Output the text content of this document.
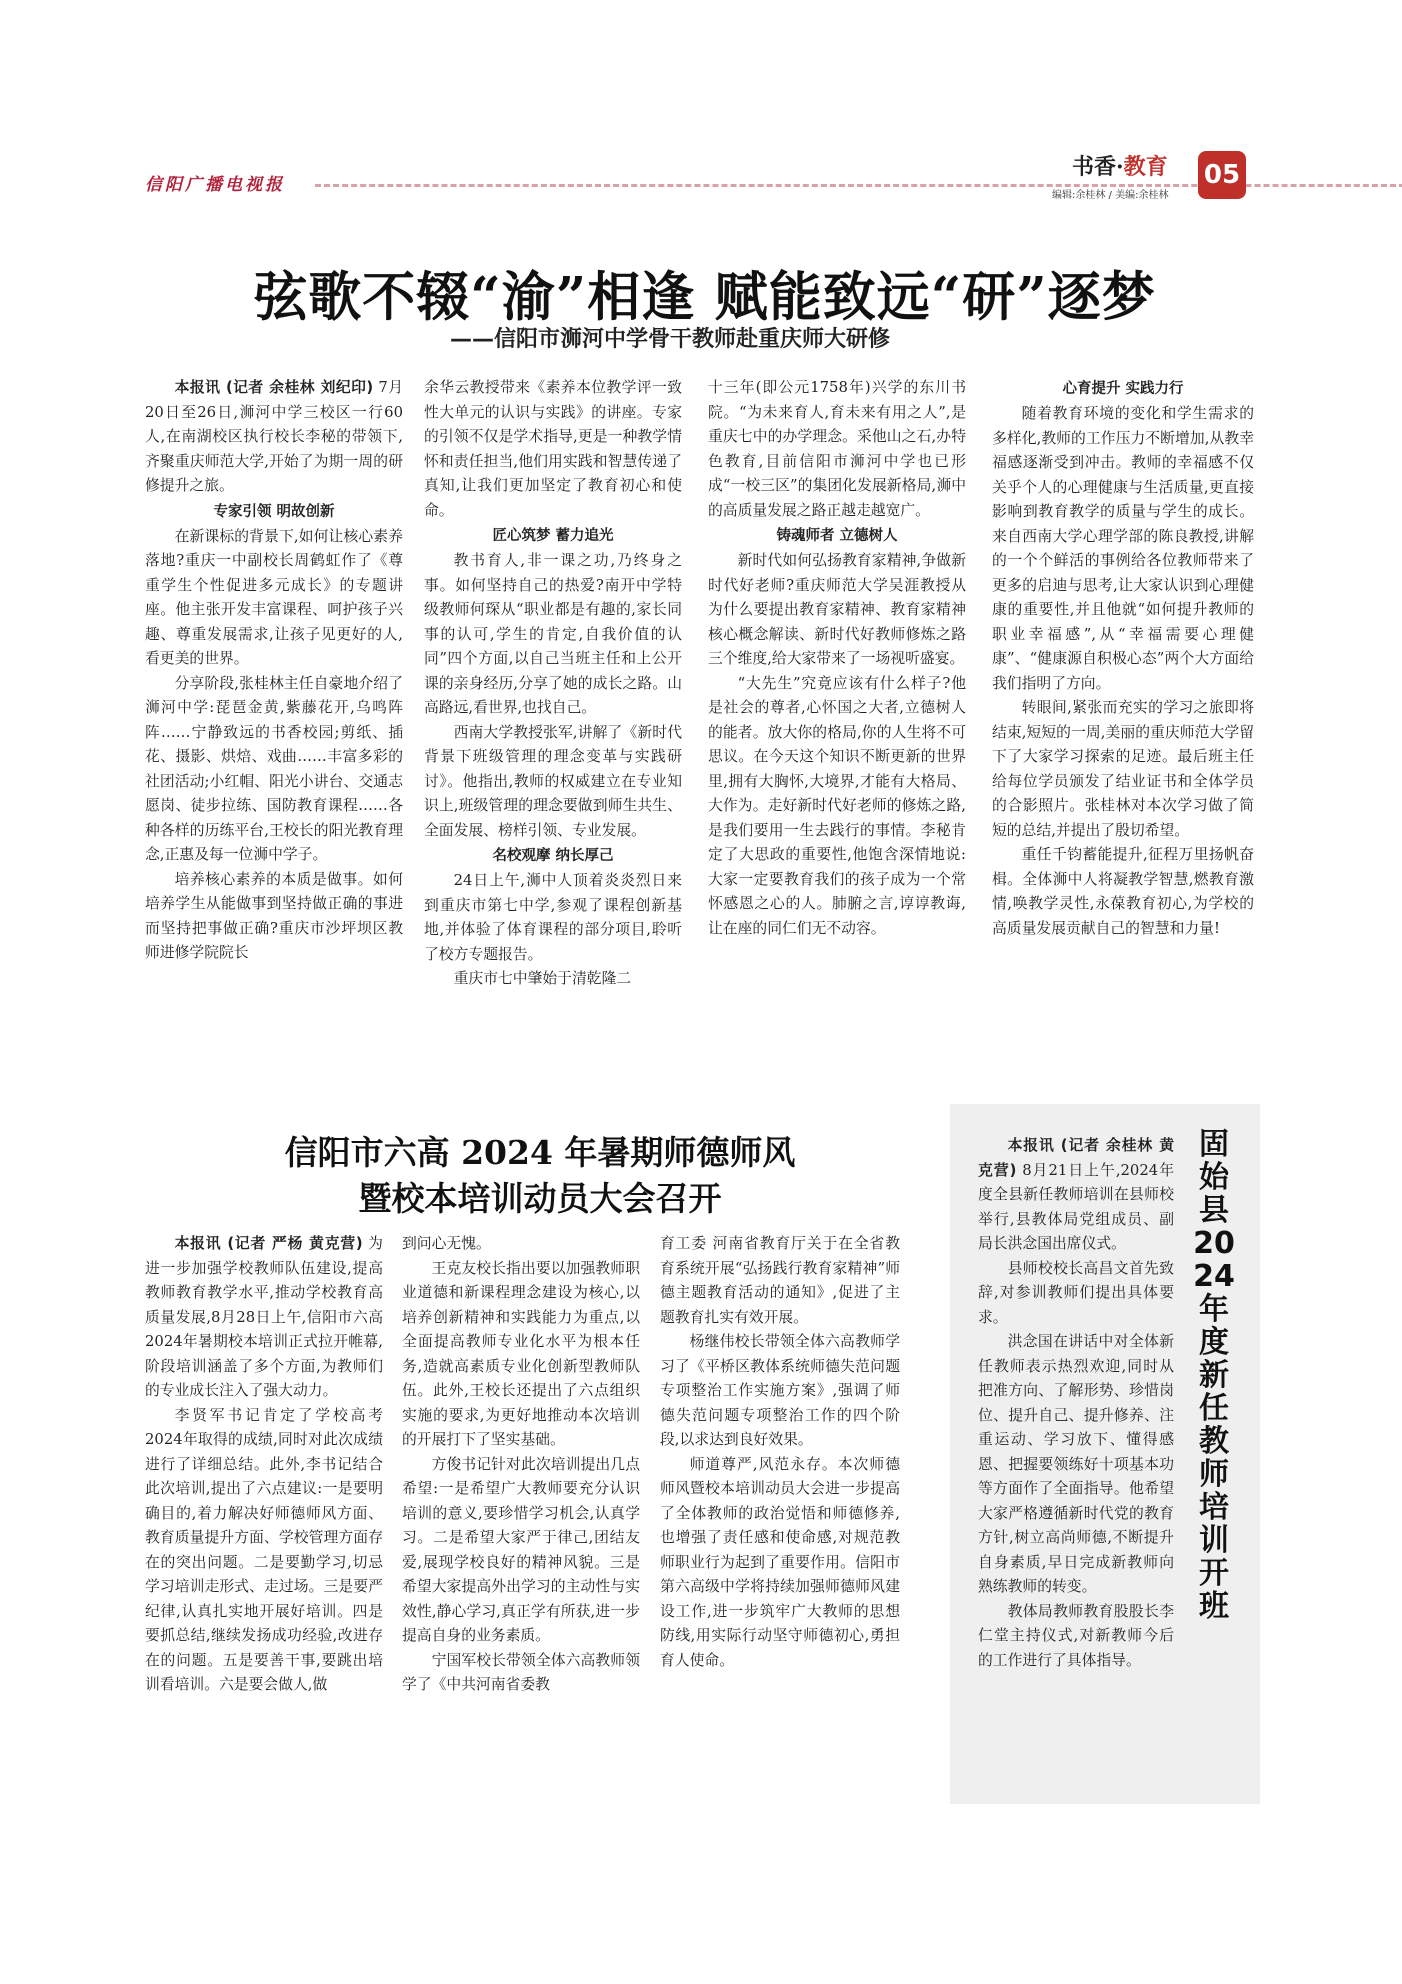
信阳广播电视报
书香·教育
编辑:余桂林 / 美编:余桂林
05
弦歌不辍“渝”相逢 赋能致远“研”逐梦
——信阳市浉河中学骨干教师赴重庆师大研修

本报讯 (记者 余桂林 刘纪印) 7月20日至26日,浉河中学三校区一行60人,在南湖校区执行校长李秘的带领下,齐聚重庆师范大学,开始了为期一周的研修提升之旅。

专家引领 明故创新

在新课标的背景下,如何让核心素养落地?重庆一中副校长周鹤虹作了《尊重学生个性促进多元成长》的专题讲座。他主张开发丰富课程、呵护孩子兴趣、尊重发展需求,让孩子见更好的人,看更美的世界。

分享阶段,张桂林主任自豪地介绍了浉河中学:琵琶金黄,紫藤花开,乌鸣阵阵……宁静致远的书香校园;剪纸、插花、摄影、烘焙、戏曲……丰富多彩的社团活动;小红帽、阳光小讲台、交通志愿岗、徒步拉练、国防教育课程……各种各样的历练平台,王校长的阳光教育理念,正惠及每一位浉中学子。

培养核心素养的本质是做事。如何培养学生从能做事到坚持做正确的事进而坚持把事做正确?重庆市沙坪坝区教师进修学院院长

余华云教授带来《素养本位教学评一致性大单元的认识与实践》的讲座。专家的引领不仅是学术指导,更是一种教学情怀和责任担当,他们用实践和智慧传递了真知,让我们更加坚定了教育初心和使命。

匠心筑梦 蓄力追光

教书育人,非一课之功,乃终身之事。如何坚持自己的热爱?南开中学特级教师何琛从“职业都是有趣的,家长同事的认可,学生的肯定,自我价值的认同”四个方面,以自己当班主任和上公开课的亲身经历,分享了她的成长之路。山高路远,看世界,也找自己。

西南大学教授张军,讲解了《新时代背景下班级管理的理念变革与实践研讨》。他指出,教师的权威建立在专业知识上,班级管理的理念要做到师生共生、全面发展、榜样引领、专业发展。

名校观摩 纳长厚己

24日上午,浉中人顶着炎炎烈日来到重庆市第七中学,参观了课程创新基地,并体验了体育课程的部分项目,聆听了校方专题报告。

重庆市七中肇始于清乾隆二

十三年(即公元1758年)兴学的东川书院。“为未来育人,育未来有用之人”,是重庆七中的办学理念。采他山之石,办特色教育,目前信阳市浉河中学也已形成“一校三区”的集团化发展新格局,浉中的高质量发展之路正越走越宽广。

铸魂师者 立德树人

新时代如何弘扬教育家精神,争做新时代好老师?重庆师范大学吴涯教授从为什么要提出教育家精神、教育家精神核心概念解读、新时代好教师修炼之路三个维度,给大家带来了一场视听盛宴。

“大先生”究竟应该有什么样子?他是社会的尊者,心怀国之大者,立德树人的能者。放大你的格局,你的人生将不可思议。在今天这个知识不断更新的世界里,拥有大胸怀,大境界,才能有大格局、大作为。走好新时代好老师的修炼之路,是我们要用一生去践行的事情。李秘肯定了大思政的重要性,他饱含深情地说:大家一定要教育我们的孩子成为一个常怀感恩之心的人。肺腑之言,谆谆教诲,让在座的同仁们无不动容。

心育提升 实践力行

随着教育环境的变化和学生需求的多样化,教师的工作压力不断增加,从教幸福感逐渐受到冲击。教师的幸福感不仅关乎个人的心理健康与生活质量,更直接影响到教育教学的质量与学生的成长。来自西南大学心理学部的陈良教授,讲解的一个个鲜活的事例给各位教师带来了更多的启迪与思考,让大家认识到心理健康的重要性,并且他就“如何提升教师的职业幸福感”,从“幸福需要心理健康”、“健康源自积极心态”两个大方面给我们指明了方向。

转眼间,紧张而充实的学习之旅即将结束,短短的一周,美丽的重庆师范大学留下了大家学习探索的足迹。最后班主任给每位学员颁发了结业证书和全体学员的合影照片。张桂林对本次学习做了简短的总结,并提出了殷切希望。

重任千钧蓄能提升,征程万里扬帆奋楫。全体浉中人将凝教学智慧,燃教育激情,唤教学灵性,永葆教育初心,为学校的高质量发展贡献自己的智慧和力量!

信阳市六高 2024 年暑期师德师风
暨校本培训动员大会召开

本报讯 (记者 严杨 黄克营) 为进一步加强学校教师队伍建设,提高教师教育教学水平,推动学校教育高质量发展,8月28日上午,信阳市六高2024年暑期校本培训正式拉开帷幕,阶段培训涵盖了多个方面,为教师们的专业成长注入了强大动力。

李贤军书记肯定了学校高考2024年取得的成绩,同时对此次成绩进行了详细总结。此外,李书记结合此次培训,提出了六点建议:一是要明确目的,着力解决好师德师风方面、教育质量提升方面、学校管理方面存在的突出问题。二是要勤学习,切忌学习培训走形式、走过场。三是要严纪律,认真扎实地开展好培训。四是要抓总结,继续发扬成功经验,改进存在的问题。五是要善干事,要跳出培训看培训。六是要会做人,做

到问心无愧。

王克友校长指出要以加强教师职业道德和新课程理念建设为核心,以培养创新精神和实践能力为重点,以全面提高教师专业化水平为根本任务,造就高素质专业化创新型教师队伍。此外,王校长还提出了六点组织实施的要求,为更好地推动本次培训的开展打下了坚实基础。

方俊书记针对此次培训提出几点希望:一是希望广大教师要充分认识培训的意义,要珍惜学习机会,认真学习。二是希望大家严于律己,团结友爱,展现学校良好的精神风貌。三是希望大家提高外出学习的主动性与实效性,静心学习,真正学有所获,进一步提高自身的业务素质。

宁国军校长带领全体六高教师领学了《中共河南省委教

育工委 河南省教育厅关于在全省教育系统开展“弘扬践行教育家精神”师德主题教育活动的通知》,促进了主题教育扎实有效开展。

杨继伟校长带领全体六高教师学习了《平桥区教体系统师德失范问题专项整治工作实施方案》,强调了师德失范问题专项整治工作的四个阶段,以求达到良好效果。

师道尊严,风范永存。本次师德师风暨校本培训动员大会进一步提高了全体教师的政治觉悟和师德修养,也增强了责任感和使命感,对规范教师职业行为起到了重要作用。信阳市第六高级中学将持续加强师德师风建设工作,进一步筑牢广大教师的思想防线,用实际行动坚守师德初心,勇担育人使命。

固始县2024年度新任教师培训开班

本报讯 (记者 余桂林 黄克营) 8月21日上午,2024年度全县新任教师培训在县师校举行,县教体局党组成员、副局长洪念国出席仪式。

县师校校长高昌文首先致辞,对参训教师们提出具体要求。

洪念国在讲话中对全体新任教师表示热烈欢迎,同时从把准方向、了解形势、珍惜岗位、提升自己、提升修养、注重运动、学习放下、懂得感恩、把握要领练好十项基本功等方面作了全面指导。他希望大家严格遵循新时代党的教育方针,树立高尚师德,不断提升自身素质,早日完成新教师向熟练教师的转变。

教体局教师教育股股长李仁堂主持仪式,对新教师今后的工作进行了具体指导。
